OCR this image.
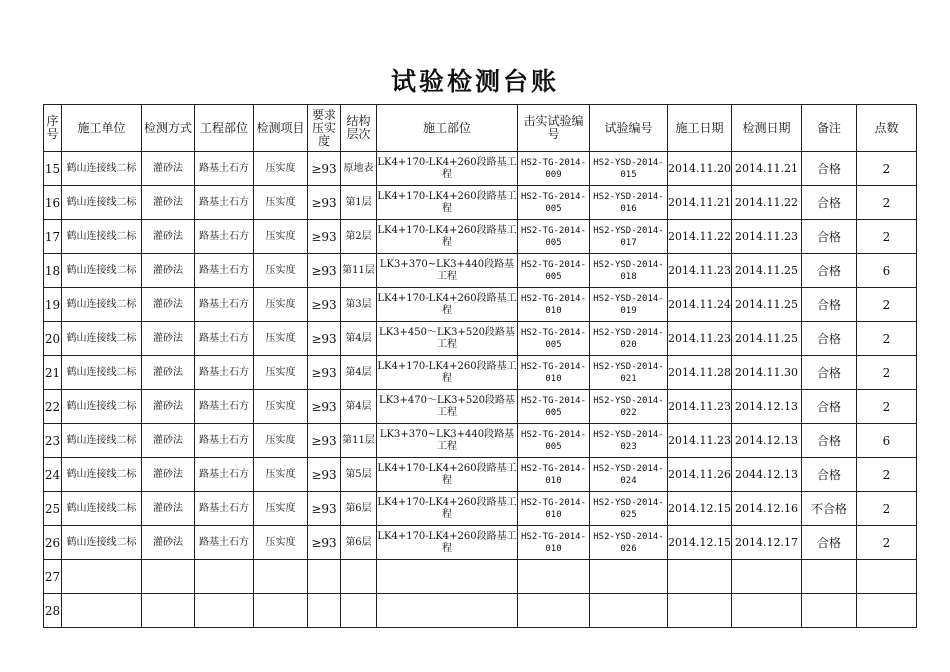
试验检测台账
序号	施工单位	检测方式	工程部位	检测项目	要求压实度	结构层次	施工部位	击实试验编号	试验编号	施工日期	检测日期	备注	点数
15	鹤山连接线二标	灌砂法	路基土石方	压实度	≥93	原地表	LK4+170-LK4+260段路基工程	HS2-TG-2014-009	HS2-YSD-2014-015	2014.11.20	2014.11.21	合格	2
16	鹤山连接线二标	灌砂法	路基土石方	压实度	≥93	第1层	LK4+170-LK4+260段路基工程	HS2-TG-2014-005	HS2-YSD-2014-016	2014.11.21	2014.11.22	合格	2
17	鹤山连接线二标	灌砂法	路基土石方	压实度	≥93	第2层	LK4+170-LK4+260段路基工程	HS2-TG-2014-005	HS2-YSD-2014-017	2014.11.22	2014.11.23	合格	2
18	鹤山连接线二标	灌砂法	路基土石方	压实度	≥93	第11层	LK3+370~LK3+440段路基工程	HS2-TG-2014-005	HS2-YSD-2014-018	2014.11.23	2014.11.25	合格	6
19	鹤山连接线二标	灌砂法	路基土石方	压实度	≥93	第3层	LK4+170-LK4+260段路基工程	HS2-TG-2014-010	HS2-YSD-2014-019	2014.11.24	2014.11.25	合格	2
20	鹤山连接线二标	灌砂法	路基土石方	压实度	≥93	第4层	LK3+450～LK3+520段路基工程	HS2-TG-2014-005	HS2-YSD-2014-020	2014.11.23	2014.11.25	合格	2
21	鹤山连接线二标	灌砂法	路基土石方	压实度	≥93	第4层	LK4+170-LK4+260段路基工程	HS2-TG-2014-010	HS2-YSD-2014-021	2014.11.28	2014.11.30	合格	2
22	鹤山连接线二标	灌砂法	路基土石方	压实度	≥93	第4层	LK3+470～LK3+520段路基工程	HS2-TG-2014-005	HS2-YSD-2014-022	2014.11.23	2014.12.13	合格	2
23	鹤山连接线二标	灌砂法	路基土石方	压实度	≥93	第11层	LK3+370~LK3+440段路基工程	HS2-TG-2014-005	HS2-YSD-2014-023	2014.11.23	2014.12.13	合格	6
24	鹤山连接线二标	灌砂法	路基土石方	压实度	≥93	第5层	LK4+170-LK4+260段路基工程	HS2-TG-2014-010	HS2-YSD-2014-024	2014.11.26	2044.12.13	合格	2
25	鹤山连接线二标	灌砂法	路基土石方	压实度	≥93	第6层	LK4+170-LK4+260段路基工程	HS2-TG-2014-010	HS2-YSD-2014-025	2014.12.15	2014.12.16	不合格	2
26	鹤山连接线二标	灌砂法	路基土石方	压实度	≥93	第6层	LK4+170-LK4+260段路基工程	HS2-TG-2014-010	HS2-YSD-2014-026	2014.12.15	2014.12.17	合格	2
27													
28													
